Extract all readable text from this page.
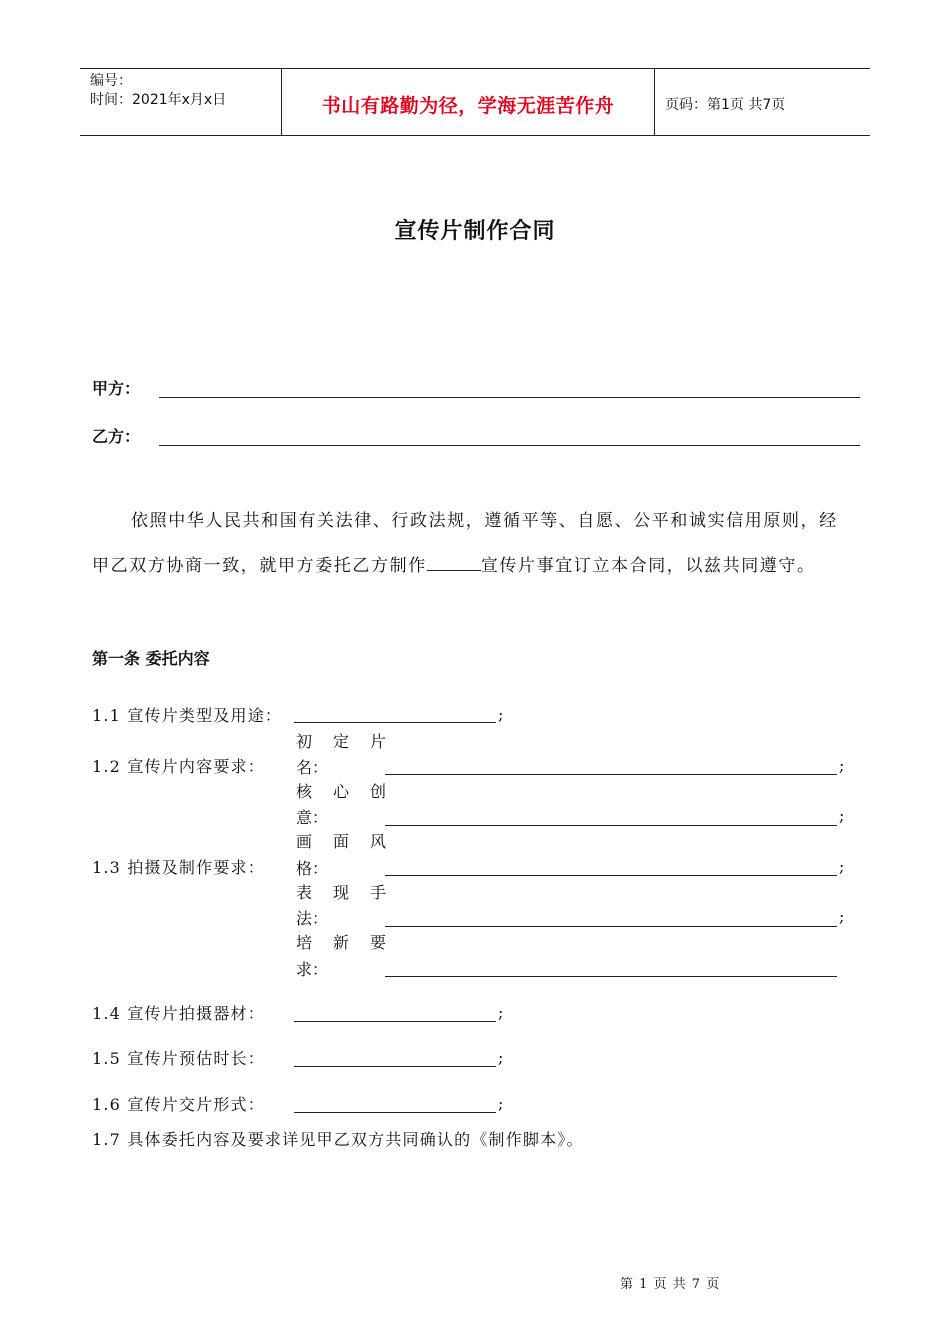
编号：
时间：2021年x月x日	书山有路勤为径，学海无涯苦作舟	页码：第1页 共7页
宣传片制作合同
甲方：
乙方：
依照中华人民共和国有关法律、行政法规，遵循平等、自愿、公平和诚实信用原则，经
甲乙双方协商一致，就甲方委托乙方制作	宣传片事宜订立本合同，以兹共同遵守。
第一条 委托内容
1.1 宣传片类型及用途：	;
1.2 宣传片内容要求：
初 定 片
名：	;
核 心 创
意：	;
1.3 拍摄及制作要求：
画 面 风
格：	;
表 现 手
法：	;
培 新 要
求：
1.4 宣传片拍摄器材：	;
1.5 宣传片预估时长：	;
1.6 宣传片交片形式：	;
1.7 具体委托内容及要求详见甲乙双方共同确认的《制作脚本》。
第 1 页 共 7 页
